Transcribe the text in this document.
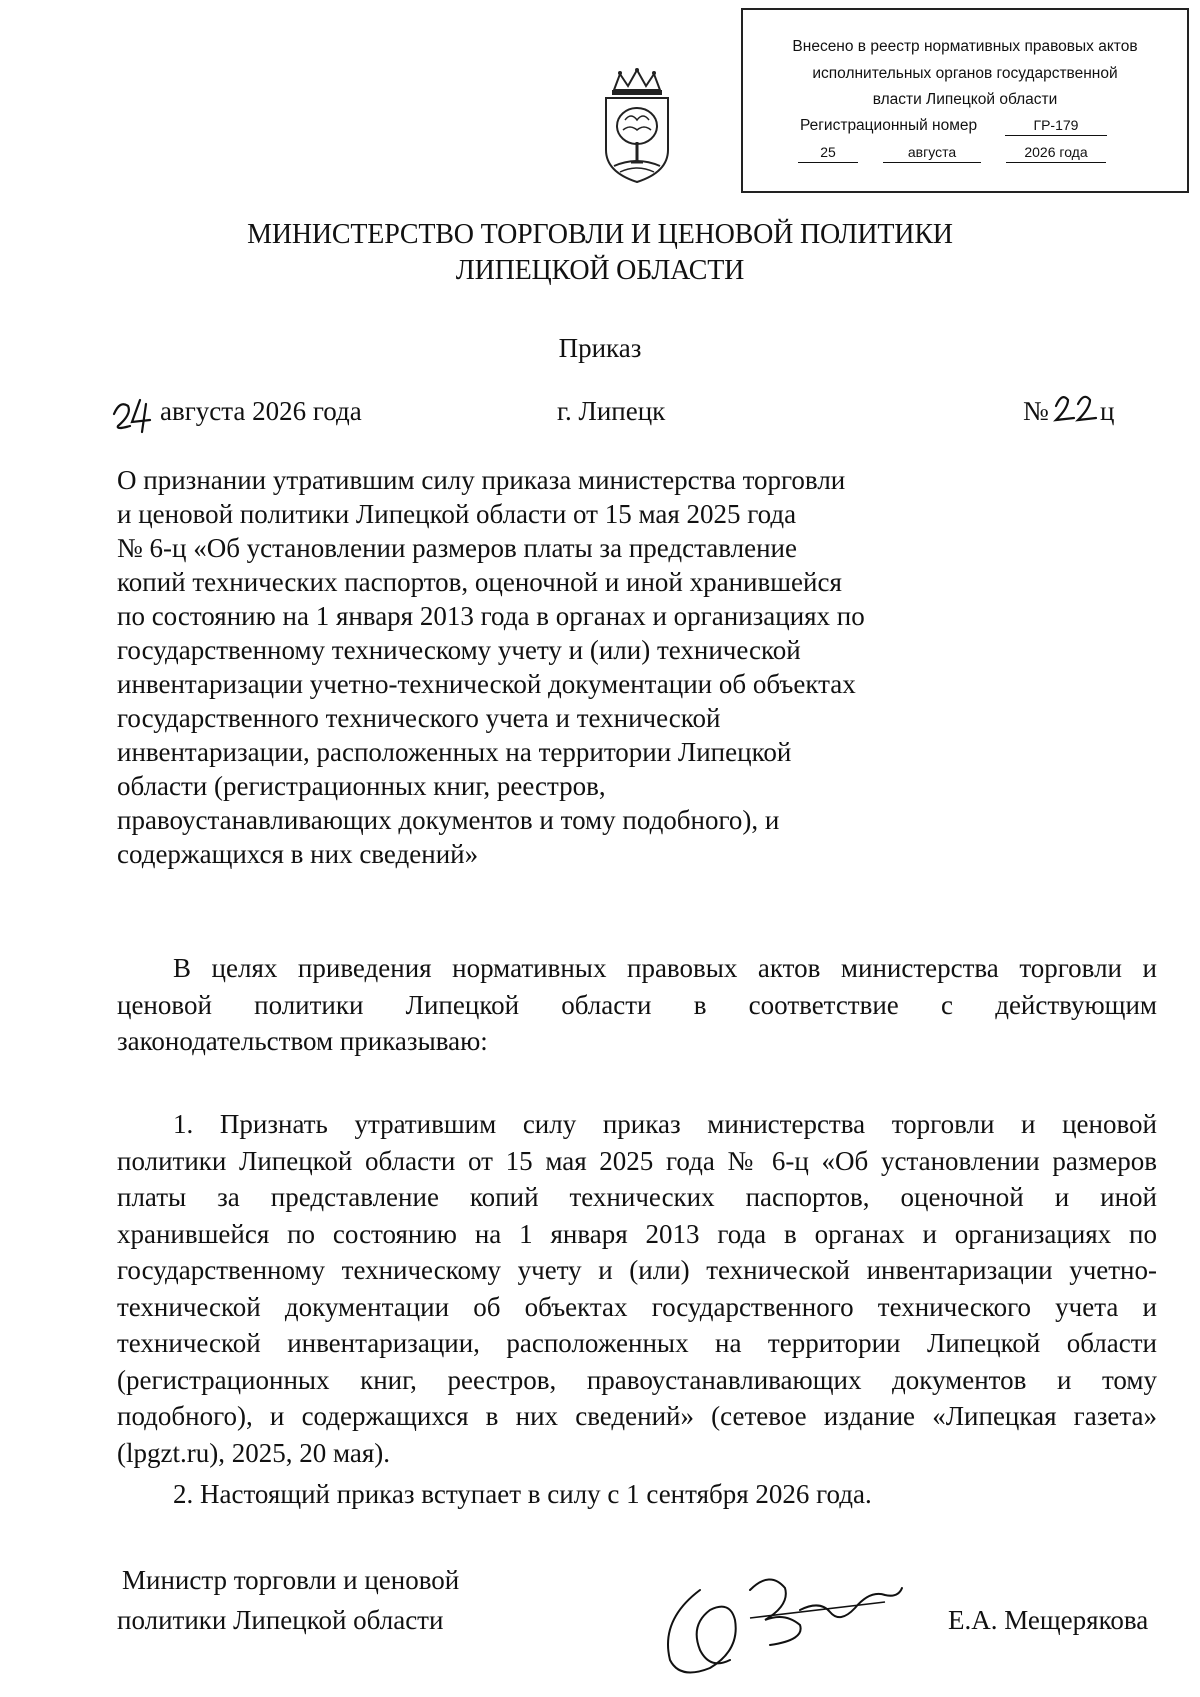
Внесено в реестр нормативных правовых актов
исполнительных органов государственной
власти Липецкой области
Регистрационный номер	ГР-179
25	августа	2026 года
МИНИСТЕРСТВО ТОРГОВЛИ И ЦЕНОВОЙ ПОЛИТИКИ
ЛИПЕЦКОЙ ОБЛАСТИ
Приказ
августа 2026 года	г. Липецк	№ ц
О признании утратившим силу приказа министерства торговли
и ценовой политики Липецкой области от 15 мая 2025 года
№ 6-ц «Об установлении размеров платы за представление
копий технических паспортов, оценочной и иной хранившейся
по состоянию на 1 января 2013 года в органах и организациях по
государственному техническому учету и (или) технической
инвентаризации учетно-технической документации об объектах
государственного технического учета и технической
инвентаризации, расположенных на территории Липецкой
области (регистрационных книг, реестров,
правоустанавливающих документов и тому подобного), и
содержащихся в них сведений»
В целях приведения нормативных правовых актов министерства торговли и
ценовой политики Липецкой области в соответствие с действующим
законодательством приказываю:
1. Признать утратившим силу приказ министерства торговли и ценовой
политики Липецкой области от 15 мая 2025 года № 6-ц «Об установлении размеров
платы за представление копий технических паспортов, оценочной и иной
хранившейся по состоянию на 1 января 2013 года в органах и организациях по
государственному техническому учету и (или) технической инвентаризации учетно-
технической документации об объектах государственного технического учета и
технической инвентаризации, расположенных на территории Липецкой области
(регистрационных книг, реестров, правоустанавливающих документов и тому
подобного), и содержащихся в них сведений» (сетевое издание «Липецкая газета»
(lpgzt.ru), 2025, 20 мая).
2. Настоящий приказ вступает в силу с 1 сентября 2026 года.
Министр торговли и ценовой
политики Липецкой области	Е.А. Мещерякова
